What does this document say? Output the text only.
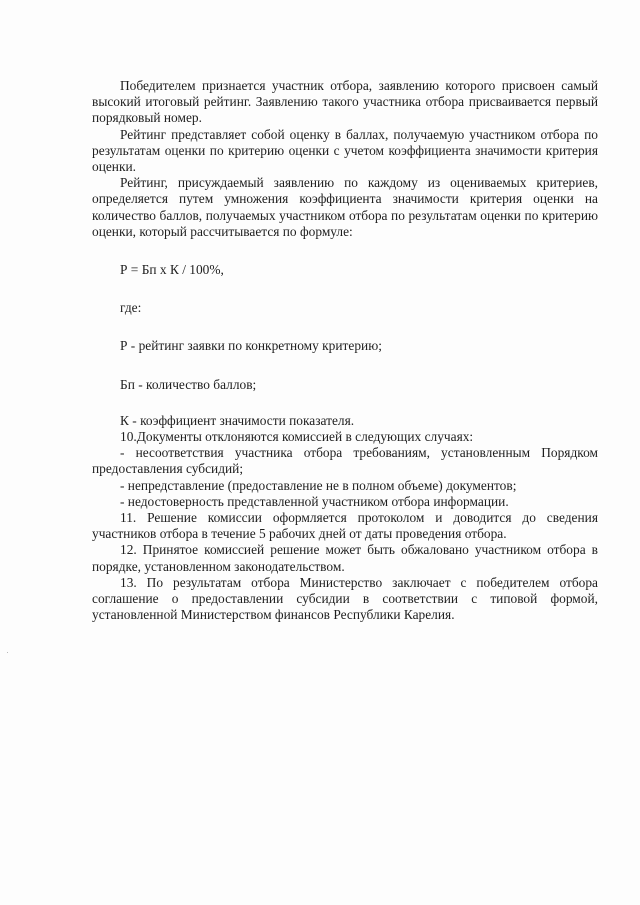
Победителем признается участник отбора, заявлению которого присвоен самый высокий итоговый рейтинг. Заявлению такого участника отбора присваивается первый порядковый номер.

Рейтинг представляет собой оценку в баллах, получаемую участником отбора по результатам оценки по критерию оценки с учетом коэффициента значимости критерия оценки.

Рейтинг, присуждаемый заявлению по каждому из оцениваемых критериев, определяется путем умножения коэффициента значимости критерия оценки на количество баллов, получаемых участником отбора по результатам оценки по критерию оценки, который рассчитывается по формуле:

Р = Бп x К / 100%,

где:

Р - рейтинг заявки по конкретному критерию;

Бп - количество баллов;

К - коэффициент значимости показателя.

10.Документы отклоняются комиссией в следующих случаях:

- несоответствия участника отбора требованиям, установленным Порядком предоставления субсидий;

- непредставление (предоставление не в полном объеме) документов;

- недостоверность представленной участником отбора информации.

11. Решение комиссии оформляется протоколом и доводится до сведения участников отбора в течение 5 рабочих дней от даты проведения отбора.

12. Принятое комиссией решение может быть обжаловано участником отбора в порядке, установленном законодательством.

13. По результатам отбора Министерство заключает с победителем отбора соглашение о предоставлении субсидии в соответствии с типовой формой, установленной Министерством финансов Республики Карелия.
